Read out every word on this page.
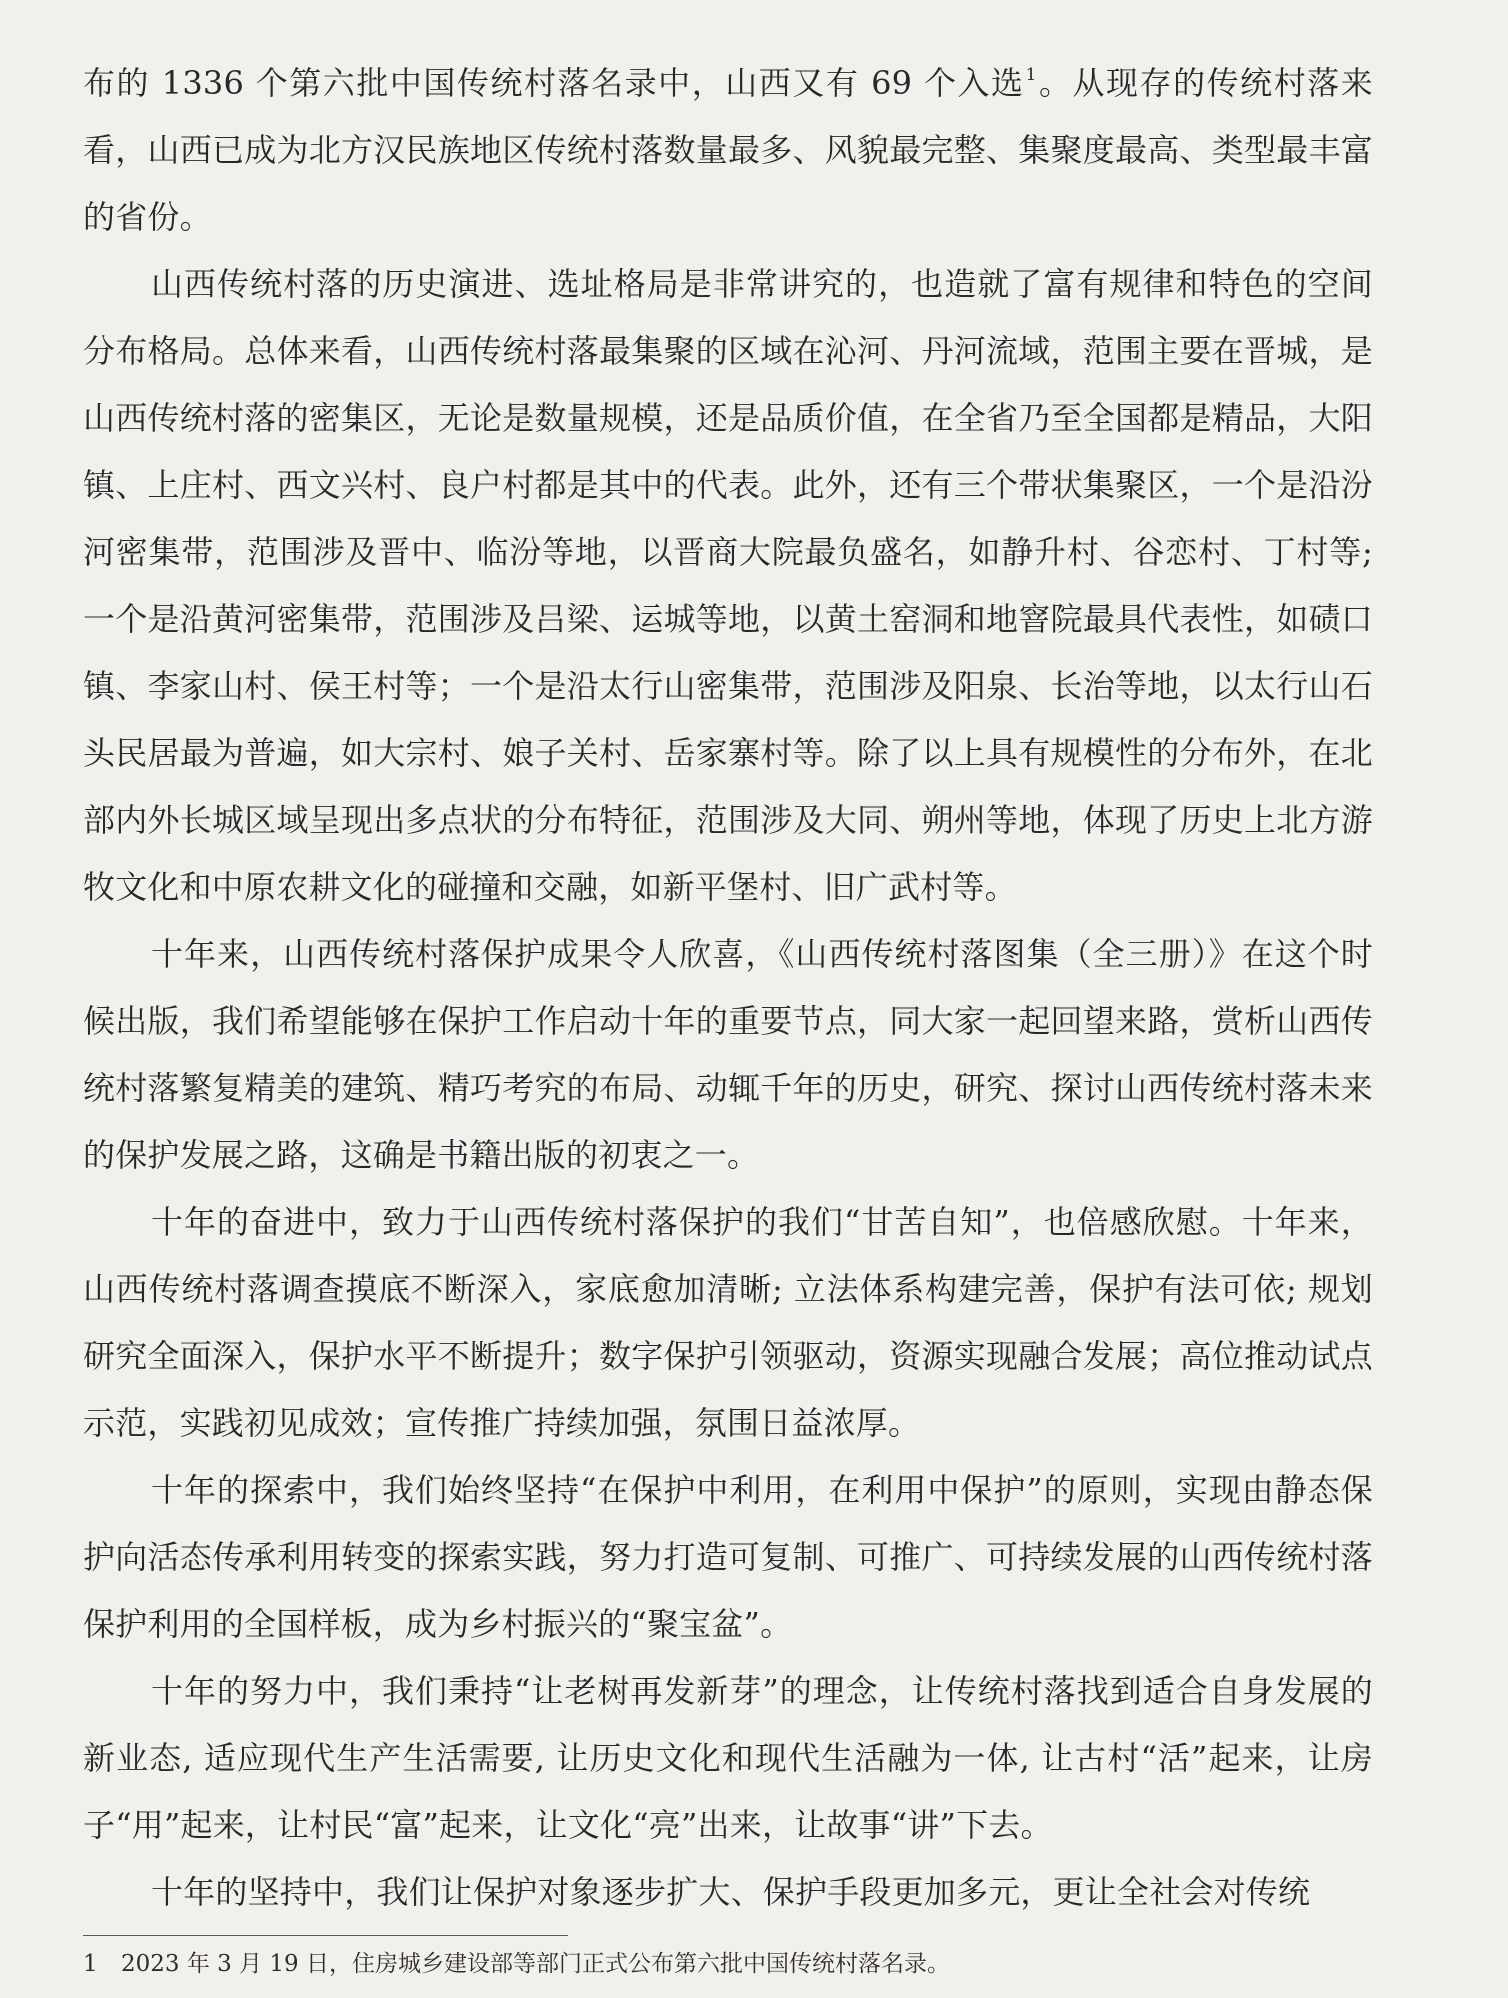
布的 1336 个第六批中国传统村落名录中，山西又有 69 个入选$^1$。从现存的传统村落来看，山西已成为北方汉民族地区传统村落数量最多、风貌最完整、集聚度最高、类型最丰富的省份。

山西传统村落的历史演进、选址格局是非常讲究的，也造就了富有规律和特色的空间分布格局。总体来看，山西传统村落最集聚的区域在沁河、丹河流域，范围主要在晋城，是山西传统村落的密集区，无论是数量规模，还是品质价值，在全省乃至全国都是精品，大阳镇、上庄村、西文兴村、良户村都是其中的代表。此外，还有三个带状集聚区，一个是沿汾河密集带，范围涉及晋中、临汾等地，以晋商大院最负盛名，如静升村、谷恋村、丁村等; 一个是沿黄河密集带，范围涉及吕梁、运城等地，以黄土窑洞和地窨院最具代表性，如碛口镇、李家山村、侯王村等；一个是沿太行山密集带，范围涉及阳泉、长治等地，以太行山石头民居最为普遍，如大宗村、娘子关村、岳家寨村等。除了以上具有规模性的分布外，在北部内外长城区域呈现出多点状的分布特征，范围涉及大同、朔州等地，体现了历史上北方游牧文化和中原农耕文化的碰撞和交融，如新平堡村、旧广武村等。

十年来，山西传统村落保护成果令人欣喜，《山西传统村落图集（全三册）》在这个时候出版，我们希望能够在保护工作启动十年的重要节点，同大家一起回望来路，赏析山西传统村落繁复精美的建筑、精巧考究的布局、动辄千年的历史，研究、探讨山西传统村落未来的保护发展之路，这确是书籍出版的初衷之一。

十年的奋进中，致力于山西传统村落保护的我们“甘苦自知”，也倍感欣慰。十年来，山西传统村落调查摸底不断深入，家底愈加清晰; 立法体系构建完善，保护有法可依; 规划研究全面深入，保护水平不断提升；数字保护引领驱动，资源实现融合发展；高位推动试点示范，实践初见成效；宣传推广持续加强，氛围日益浓厚。

十年的探索中，我们始终坚持“在保护中利用，在利用中保护”的原则，实现由静态保护向活态传承利用转变的探索实践，努力打造可复制、可推广、可持续发展的山西传统村落保护利用的全国样板，成为乡村振兴的“聚宝盆”。

十年的努力中，我们秉持“让老树再发新芽”的理念，让传统村落找到适合自身发展的新业态, 适应现代生产生活需要, 让历史文化和现代生活融为一体, 让古村“活”起来，让房子“用”起来，让村民“富”起来，让文化“亮”出来，让故事“讲”下去。

十年的坚持中，我们让保护对象逐步扩大、保护手段更加多元，更让全社会对传统

1 2023 年 3 月 19 日，住房城乡建设部等部门正式公布第六批中国传统村落名录。
